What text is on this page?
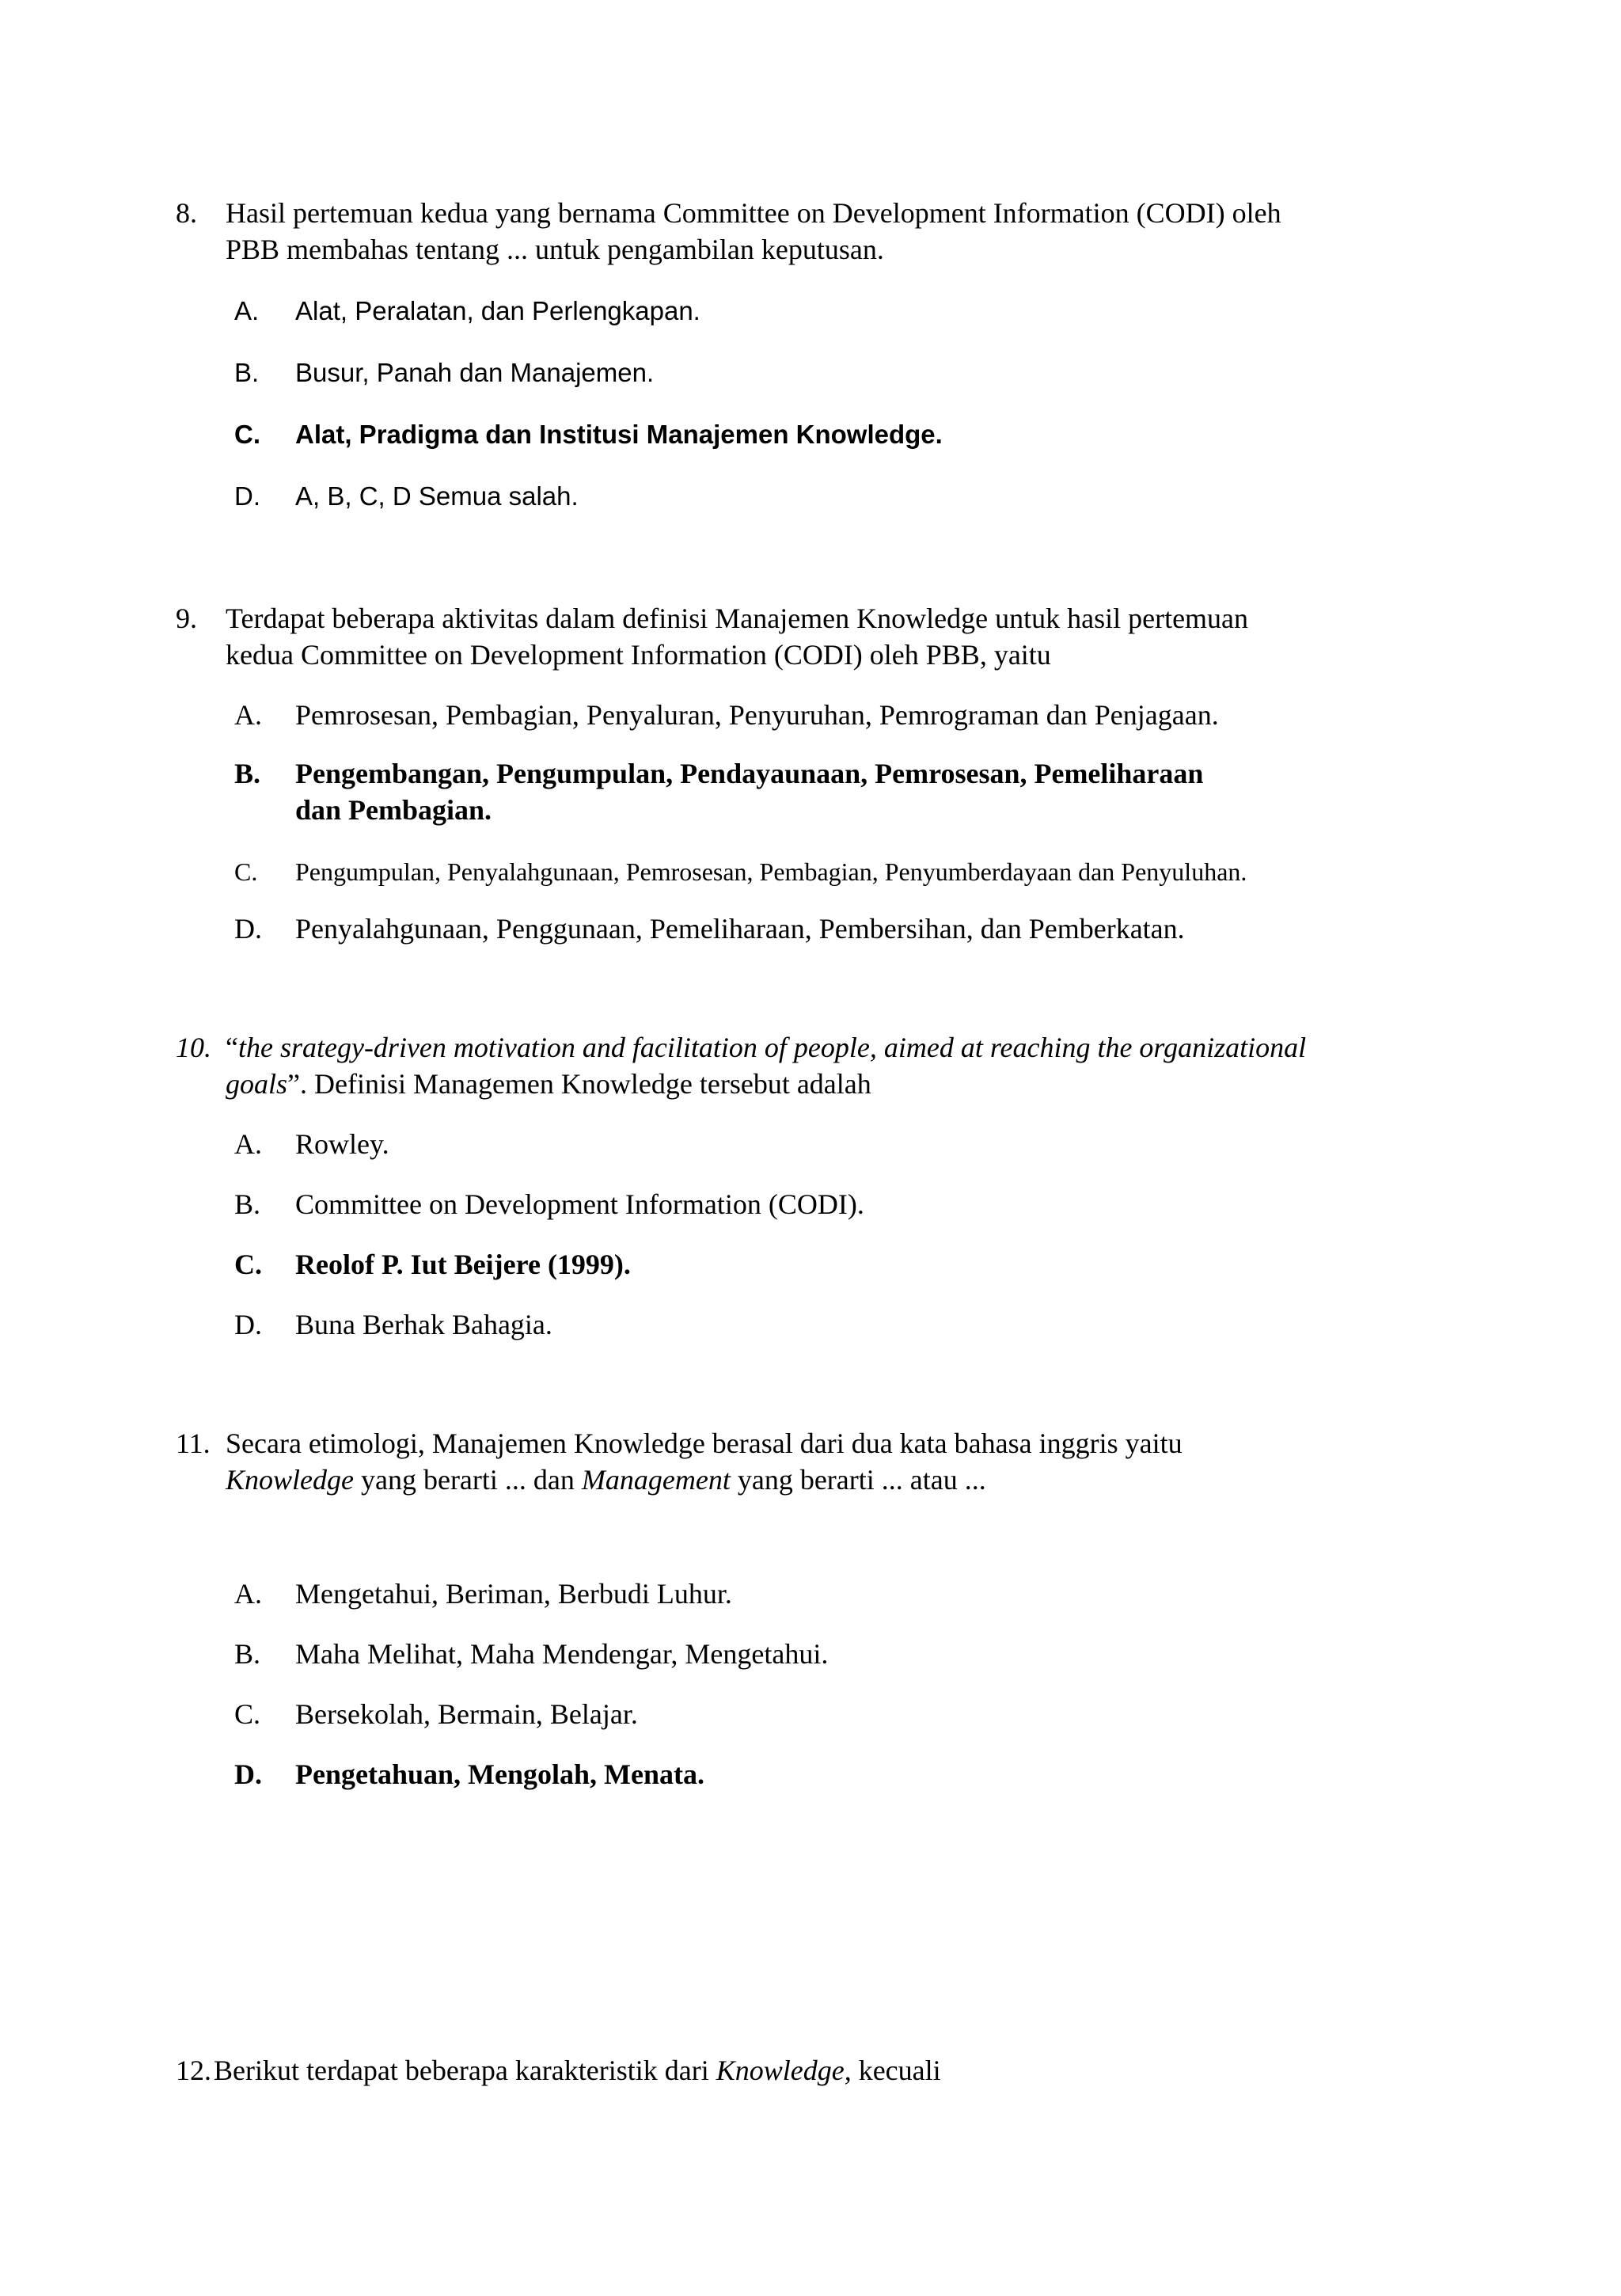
8. Hasil pertemuan kedua yang bernama Committee on Development Information (CODI) oleh
PBB membahas tentang ... untuk pengambilan keputusan.
A. Alat, Peralatan, dan Perlengkapan.
B. Busur, Panah dan Manajemen.
C. Alat, Pradigma dan Institusi Manajemen Knowledge.
D. A, B, C, D Semua salah.
9. Terdapat beberapa aktivitas dalam definisi Manajemen Knowledge untuk hasil pertemuan
kedua Committee on Development Information (CODI) oleh PBB, yaitu
A. Pemrosesan, Pembagian, Penyaluran, Penyuruhan, Pemrograman dan Penjagaan.
B. Pengembangan, Pengumpulan, Pendayaunaan, Pemrosesan, Pemeliharaan
dan Pembagian.
C. Pengumpulan, Penyalahgunaan, Pemrosesan, Pembagian, Penyumberdayaan dan Penyuluhan.
D. Penyalahgunaan, Penggunaan, Pemeliharaan, Pembersihan, dan Pemberkatan.
10. “the srategy-driven motivation and facilitation of people, aimed at reaching the organizational
goals”. Definisi Managemen Knowledge tersebut adalah
A. Rowley.
B. Committee on Development Information (CODI).
C. Reolof P. Iut Beijere (1999).
D. Buna Berhak Bahagia.
11. Secara etimologi, Manajemen Knowledge berasal dari dua kata bahasa inggris yaitu
Knowledge yang berarti ... dan Management yang berarti ... atau ...
A. Mengetahui, Beriman, Berbudi Luhur.
B. Maha Melihat, Maha Mendengar, Mengetahui.
C. Bersekolah, Bermain, Belajar.
D. Pengetahuan, Mengolah, Menata.
12. Berikut terdapat beberapa karakteristik dari Knowledge, kecuali
